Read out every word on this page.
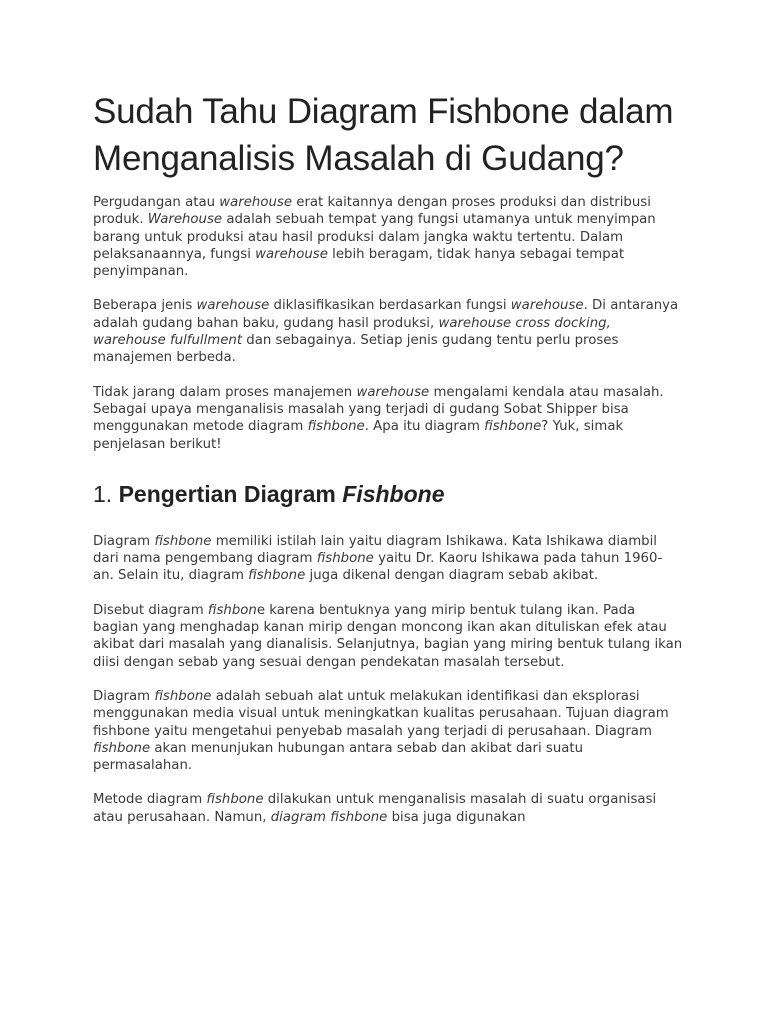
Sudah Tahu Diagram Fishbone dalam Menganalisis Masalah di Gudang?

Pergudangan atau warehouse erat kaitannya dengan proses produksi dan distribusi produk. Warehouse adalah sebuah tempat yang fungsi utamanya untuk menyimpan barang untuk produksi atau hasil produksi dalam jangka waktu tertentu. Dalam pelaksanaannya, fungsi warehouse lebih beragam, tidak hanya sebagai tempat penyimpanan.

Beberapa jenis warehouse diklasifikasikan berdasarkan fungsi warehouse. Di antaranya adalah gudang bahan baku, gudang hasil produksi, warehouse cross docking, warehouse fulfullment dan sebagainya. Setiap jenis gudang tentu perlu proses manajemen berbeda.

Tidak jarang dalam proses manajemen warehouse mengalami kendala atau masalah. Sebagai upaya menganalisis masalah yang terjadi di gudang Sobat Shipper bisa menggunakan metode diagram fishbone. Apa itu diagram fishbone? Yuk, simak penjelasan berikut!

1. Pengertian Diagram Fishbone

Diagram fishbone memiliki istilah lain yaitu diagram Ishikawa. Kata Ishikawa diambil dari nama pengembang diagram fishbone yaitu Dr. Kaoru Ishikawa pada tahun 1960-an. Selain itu, diagram fishbone juga dikenal dengan diagram sebab akibat.

Disebut diagram fishbone karena bentuknya yang mirip bentuk tulang ikan. Pada bagian yang menghadap kanan mirip dengan moncong ikan akan dituliskan efek atau akibat dari masalah yang dianalisis. Selanjutnya, bagian yang miring bentuk tulang ikan diisi dengan sebab yang sesuai dengan pendekatan masalah tersebut.

Diagram fishbone adalah sebuah alat untuk melakukan identifikasi dan eksplorasi menggunakan media visual untuk meningkatkan kualitas perusahaan. Tujuan diagram fishbone yaitu mengetahui penyebab masalah yang terjadi di perusahaan. Diagram fishbone akan menunjukan hubungan antara sebab dan akibat dari suatu permasalahan.

Metode diagram fishbone dilakukan untuk menganalisis masalah di suatu organisasi atau perusahaan. Namun, diagram fishbone bisa juga digunakan
